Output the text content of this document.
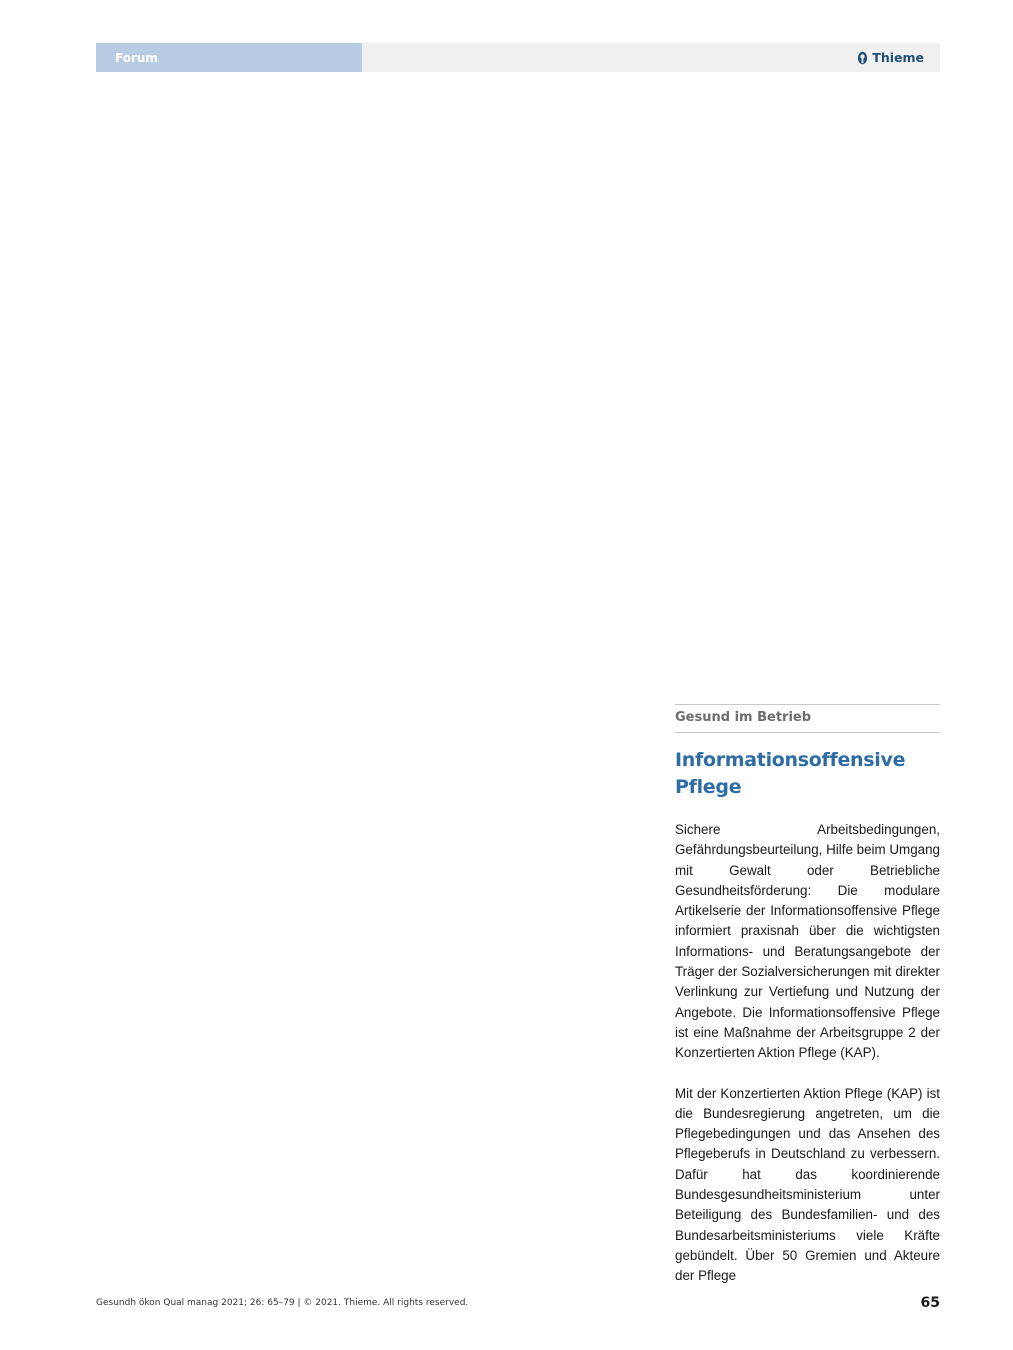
Forum	Thieme
Gesund im Betrieb
Informationsoffensive Pflege

Sichere Arbeitsbedingungen, Gefährdungsbeurteilung, Hilfe beim Umgang mit Gewalt oder Betriebliche Gesundheitsförderung: Die modulare Artikelserie der Informationsoffensive Pflege informiert praxisnah über die wichtigsten Informations- und Beratungsangebote der Träger der Sozialversicherungen mit direkter Verlinkung zur Vertiefung und Nutzung der Angebote. Die Informationsoffensive Pflege ist eine Maßnahme der Arbeitsgruppe 2 der Konzertierten Aktion Pflege (KAP).

Mit der Konzertierten Aktion Pflege (KAP) ist die Bundesregierung angetreten, um die Pflegebedingungen und das Ansehen des Pflegeberufs in Deutschland zu verbessern. Dafür hat das koordinierende Bundesgesundheitsministerium unter Beteiligung des Bundesfamilien- und des Bundesarbeitsministeriums viele Kräfte gebündelt. Über 50 Gremien und Akteure der Pflege

Gesundh ökon Qual manag 2021; 26: 65–79 | © 2021. Thieme. All rights reserved.	65
